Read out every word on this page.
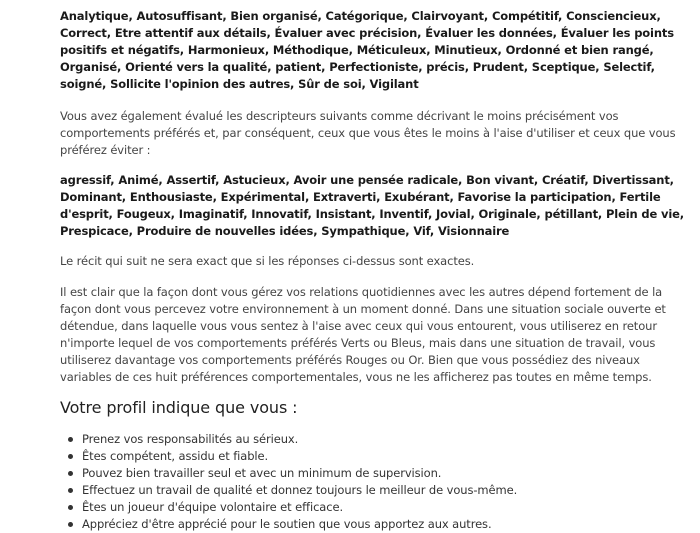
Analytique, Autosuffisant, Bien organisé, Catégorique, Clairvoyant, Compétitif, Consciencieux, Correct, Etre attentif aux détails, Évaluer avec précision, Évaluer les données, Évaluer les points positifs et négatifs, Harmonieux, Méthodique, Méticuleux, Minutieux, Ordonné et bien rangé, Organisé, Orienté vers la qualité, patient, Perfectioniste, précis, Prudent, Sceptique, Selectif, soigné, Sollicite l'opinion des autres, Sûr de soi, Vigilant

Vous avez également évalué les descripteurs suivants comme décrivant le moins précisément vos comportements préférés et, par conséquent, ceux que vous êtes le moins à l'aise d'utiliser et ceux que vous préférez éviter :

agressif, Animé, Assertif, Astucieux, Avoir une pensée radicale, Bon vivant, Créatif, Divertissant, Dominant, Enthousiaste, Expérimental, Extraverti, Exubérant, Favorise la participation, Fertile d'esprit, Fougeux, Imaginatif, Innovatif, Insistant, Inventif, Jovial, Originale, pétillant, Plein de vie, Prespicace, Produire de nouvelles idées, Sympathique, Vif, Visionnaire

Le récit qui suit ne sera exact que si les réponses ci-dessus sont exactes.

Il est clair que la façon dont vous gérez vos relations quotidiennes avec les autres dépend fortement de la façon dont vous percevez votre environnement à un moment donné. Dans une situation sociale ouverte et détendue, dans laquelle vous vous sentez à l'aise avec ceux qui vous entourent, vous utiliserez en retour n'importe lequel de vos comportements préférés Verts ou Bleus, mais dans une situation de travail, vous utiliserez davantage vos comportements préférés Rouges ou Or. Bien que vous possédiez des niveaux variables de ces huit préférences comportementales, vous ne les afficherez pas toutes en même temps.

Votre profil indique que vous :
Prenez vos responsabilités au sérieux.
Êtes compétent, assidu et fiable.
Pouvez bien travailler seul et avec un minimum de supervision.
Effectuez un travail de qualité et donnez toujours le meilleur de vous-même.
Êtes un joueur d'équipe volontaire et efficace.
Appréciez d'être apprécié pour le soutien que vous apportez aux autres.
